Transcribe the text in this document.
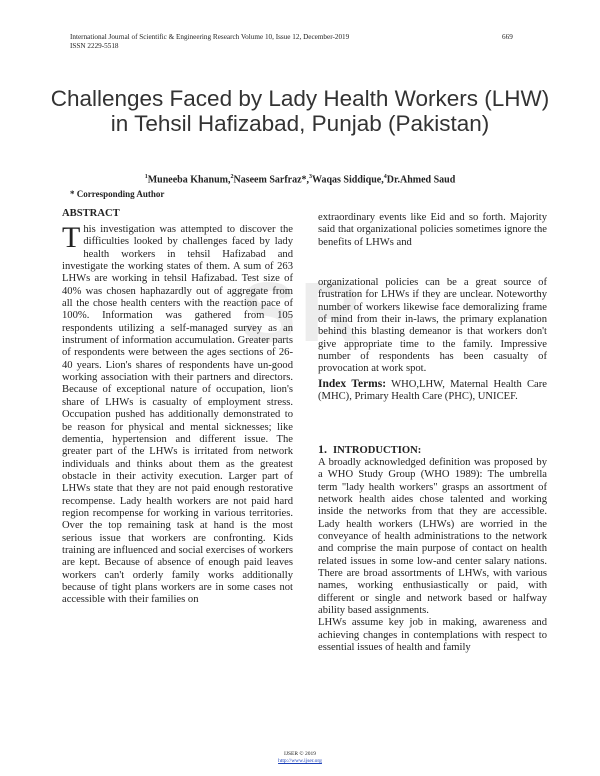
International Journal of Scientific & Engineering Research Volume 10, Issue 12, December-2019
ISSN 2229-5518
669
SR
Challenges Faced by Lady Health Workers (LHW) in Tehsil Hafizabad, Punjab (Pakistan)
$^1$Muneeba Khanum,$^2$Naseem Sarfraz*,$^3$Waqas Siddique,$^4$Dr.Ahmed Saud
* Corresponding Author
ABSTRACT

This investigation was attempted to discover the difficulties looked by challenges faced by lady health workers in tehsil Hafizabad and investigate the working states of them. A sum of 263 LHWs are working in tehsil Hafizabad. Test size of 40% was chosen haphazardly out of aggregate from all the chose health centers with the reaction pace of 100%. Information was gathered from 105 respondents utilizing a self-managed survey as an instrument of information accumulation. Greater parts of respondents were between the ages sections of 26-40 years. Lion's shares of respondents have un-good working association with their partners and directors. Because of exceptional nature of occupation, lion's share of LHWs is casualty of employment stress. Occupation pushed has additionally demonstrated to be reason for physical and mental sicknesses; like dementia, hypertension and different issue. The greater part of the LHWs is irritated from network individuals and thinks about them as the greatest obstacle in their activity execution. Larger part of LHWs state that they are not paid enough restorative recompense. Lady health workers are not paid hard region recompense for working in various territories. Over the top remaining task at hand is the most serious issue that workers are confronting. Kids training are influenced and social exercises of workers are kept. Because of absence of enough paid leaves workers can't orderly family works additionally because of tight plans workers are in some cases not accessible with their families on

extraordinary events like Eid and so forth. Majority said that organizational policies sometimes ignore the benefits of LHWs and

organizational policies can be a great source of frustration for LHWs if they are unclear. Noteworthy number of workers likewise face demoralizing frame of mind from their in-laws, the primary explanation behind this blasting demeanor is that workers don't give appropriate time to the family. Impressive number of respondents has been casualty of provocation at work spot.

Index Terms: WHO,LHW, Maternal Health Care (MHC), Primary Health Care (PHC), UNICEF.

1. INTRODUCTION:

A broadly acknowledged definition was proposed by a WHO Study Group (WHO 1989): The umbrella term "lady health workers" grasps an assortment of network health aides chose talented and working inside the networks from that they are accessible. Lady health workers (LHWs) are worried in the conveyance of health administrations to the network and comprise the main purpose of contact on health related issues in some low-and center salary nations. There are broad assortments of LHWs, with various names, working enthusiastically or paid, with different or single and network based or halfway ability based assignments.

LHWs assume key job in making, awareness and achieving changes in contemplations with respect to essential issues of health and family

IJSER © 2019
http://www.ijser.org
